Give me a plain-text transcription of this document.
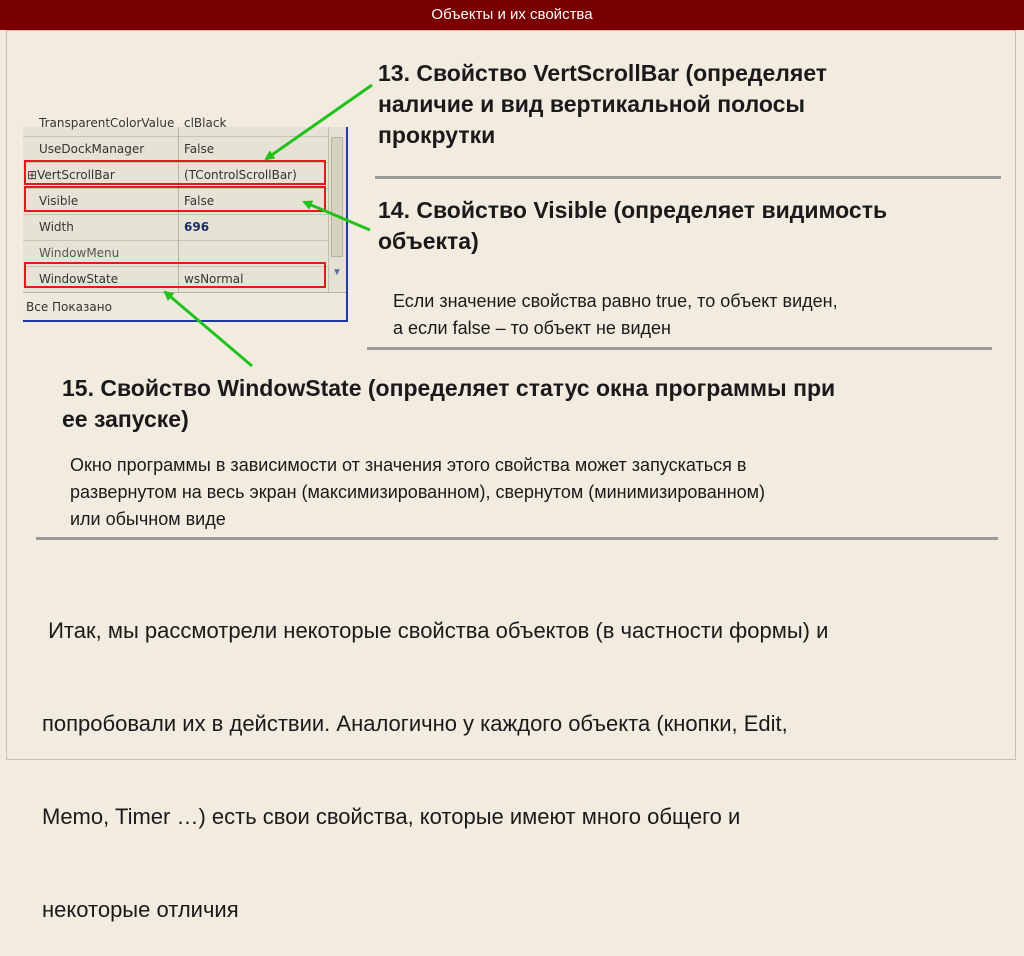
Объекты и их свойства
TransparentColorValue clBlack
UseDockManager	False
⊞VertScrollBar	(TControlScrollBar)
Visible	False
Width	696
WindowMenu
WindowState	wsNormal	▼
Все Показано
13. Свойство VertScrollBar (определяет
наличие и вид вертикальной полосы
прокрутки
14. Свойство Visible (определяет видимость
объекта)
Если значение свойства равно true, то объект виден,
а если false – то объект не виден
15. Свойство WindowState (определяет статус окна программы при
ее запуске)
Окно программы в зависимости от значения этого свойства может запускаться в
развернутом на весь экран (максимизированном), свернутом (минимизированном)
или обычном виде

Итак, мы рассмотрели некоторые свойства объектов (в частности формы) и

попробовали их в действии. Аналогично у каждого объекта (кнопки, Edit,

Memo, Timer …) есть свои свойства, которые имеют много общего и

некоторые отличия
